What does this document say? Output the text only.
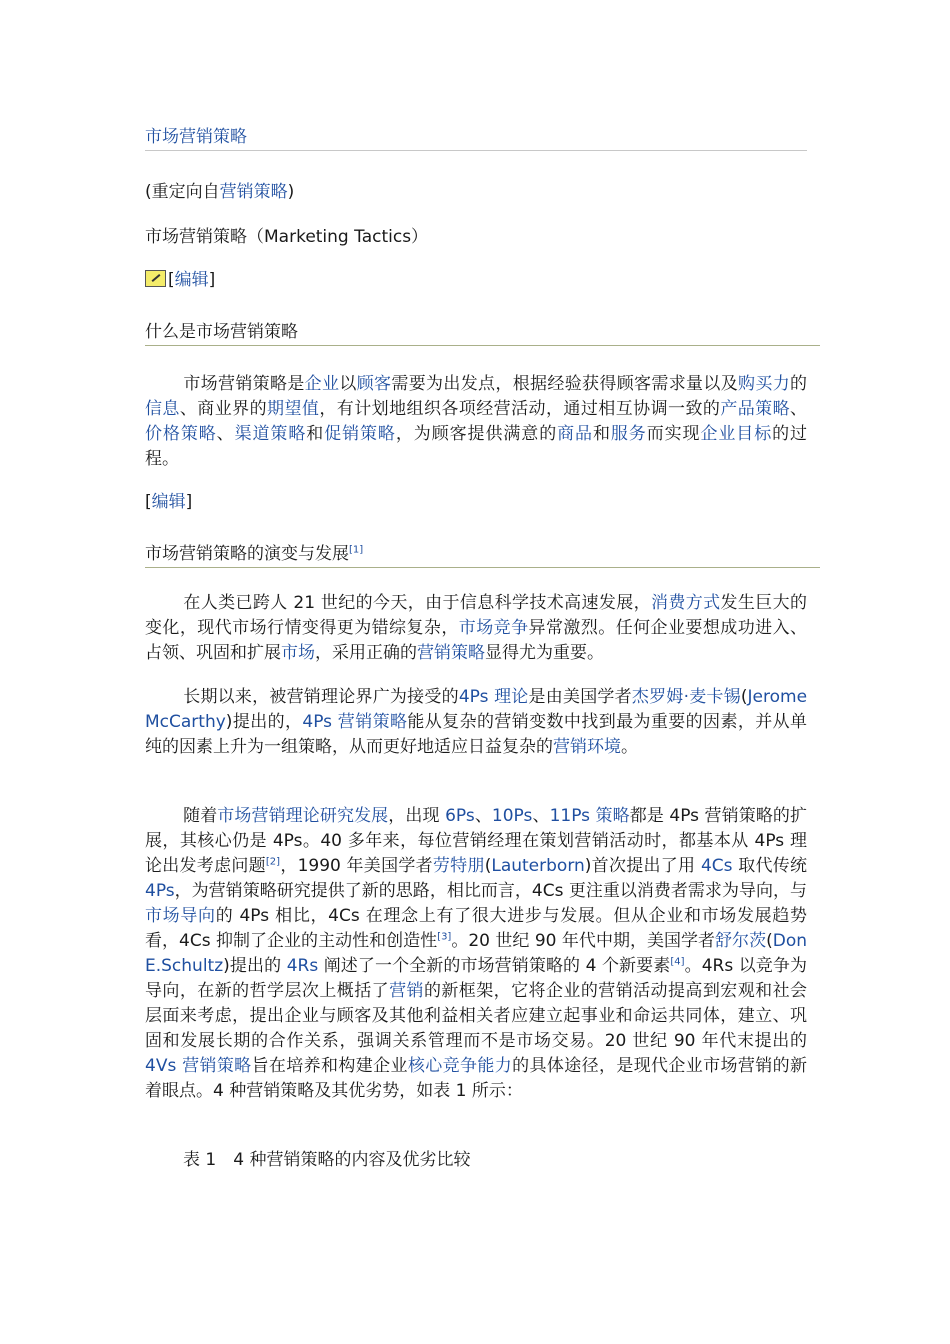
市场营销策略

(重定向自营销策略)

市场营销策略（Marketing Tactics）

[编辑]

什么是市场营销策略

市场营销策略是企业以顾客需要为出发点，根据经验获得顾客需求量以及购买力的信息、商业界的期望值，有计划地组织各项经营活动，通过相互协调一致的产品策略、价格策略、渠道策略和促销策略，为顾客提供满意的商品和服务而实现企业目标的过程。

[编辑]

市场营销策略的演变与发展[1]

在人类已跨人 21 世纪的今天，由于信息科学技术高速发展，消费方式发生巨大的变化，现代市场行情变得更为错综复杂，市场竞争异常激烈。任何企业要想成功进入、占领、巩固和扩展市场，采用正确的营销策略显得尤为重要。

长期以来，被营销理论界广为接受的4Ps 理论是由美国学者杰罗姆·麦卡锡(Jerome McCarthy)提出的，4Ps 营销策略能从复杂的营销变数中找到最为重要的因素，并从单纯的因素上升为一组策略，从而更好地适应日益复杂的营销环境。

随着市场营销理论研究发展，出现 6Ps、10Ps、11Ps 策略都是 4Ps 营销策略的扩展，其核心仍是 4Ps。40 多年来，每位营销经理在策划营销活动时，都基本从 4Ps 理论出发考虑问题[2]，1990 年美国学者劳特朋(Lauterborn)首次提出了用 4Cs 取代传统 4Ps，为营销策略研究提供了新的思路，相比而言，4Cs 更注重以消费者需求为导向，与市场导向的 4Ps 相比，4Cs 在理念上有了很大进步与发展。但从企业和市场发展趋势看，4Cs 抑制了企业的主动性和创造性[3]。20 世纪 90 年代中期，美国学者舒尔茨(Don E.Schultz)提出的 4Rs 阐述了一个全新的市场营销策略的 4 个新要素[4]。4Rs 以竞争为导向，在新的哲学层次上概括了营销的新框架，它将企业的营销活动提高到宏观和社会层面来考虑，提出企业与顾客及其他利益相关者应建立起事业和命运共同体，建立、巩固和发展长期的合作关系，强调关系管理而不是市场交易。20 世纪 90 年代末提出的 4Vs 营销策略旨在培养和构建企业核心竞争能力的具体途径，是现代企业市场营销的新着眼点。4 种营销策略及其优劣势，如表 1 所示：

表 1　4 种营销策略的内容及优劣比较
